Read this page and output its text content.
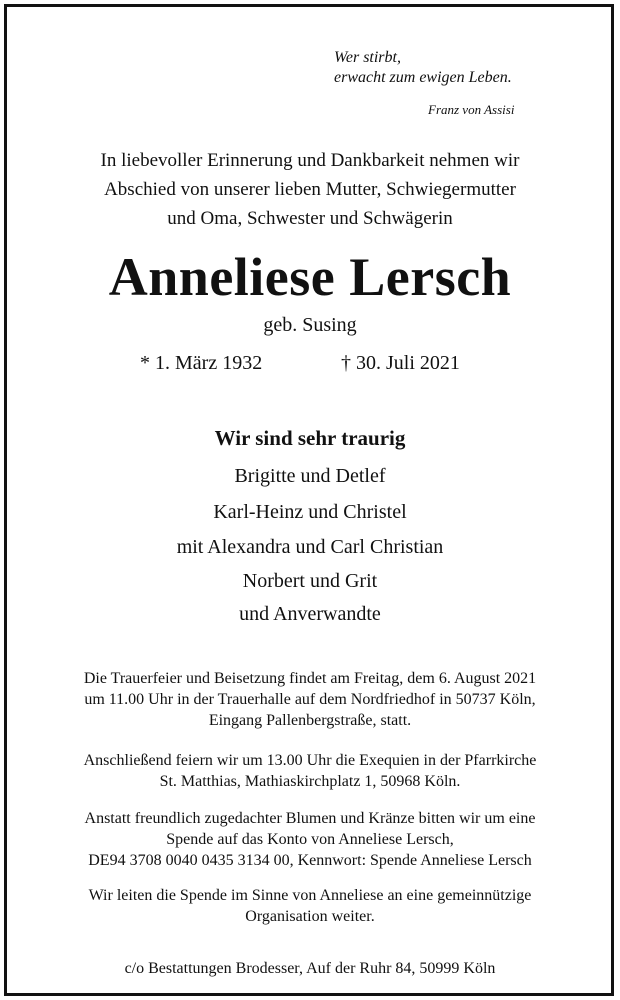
Wer stirbt,
erwacht zum ewigen Leben.
Franz von Assisi
In liebevoller Erinnerung und Dankbarkeit nehmen wir
Abschied von unserer lieben Mutter, Schwiegermutter
und Oma, Schwester und Schwägerin
Anneliese Lersch
geb. Susing
* 1. März 1932	† 30. Juli 2021
Wir sind sehr traurig
Brigitte und Detlef
Karl-Heinz und Christel
mit Alexandra und Carl Christian
Norbert und Grit
und Anverwandte
Die Trauerfeier und Beisetzung findet am Freitag, dem 6. August 2021
um 11.00 Uhr in der Trauerhalle auf dem Nordfriedhof in 50737 Köln,
Eingang Pallenbergstraße, statt.
Anschließend feiern wir um 13.00 Uhr die Exequien in der Pfarrkirche
St. Matthias, Mathiaskirchplatz 1, 50968 Köln.
Anstatt freundlich zugedachter Blumen und Kränze bitten wir um eine
Spende auf das Konto von Anneliese Lersch,
DE94 3708 0040 0435 3134 00, Kennwort: Spende Anneliese Lersch
Wir leiten die Spende im Sinne von Anneliese an eine gemeinnützige
Organisation weiter.
c/o Bestattungen Brodesser, Auf der Ruhr 84, 50999 Köln
